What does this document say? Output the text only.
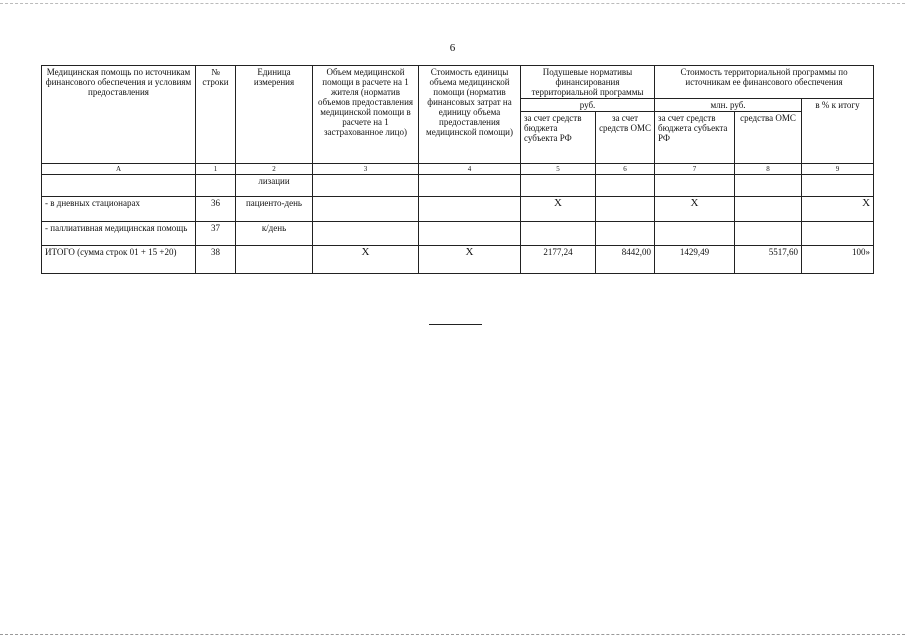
6
Медицинская помощь по источникам финансового обеспечения и условиям предоставления	№ строки	Единица измерения	Объем медицинской помощи в расчете на 1 жителя (норматив объемов предоставления медицинской помощи в расчете на 1 застрахованное лицо)	Стоимость единицы объема медицинской помощи (норматив финансовых затрат на единицу объема предоставления медицинской помощи)	Подушевые нормативы финансирования территориальной программы		Стоимость территориальной программы по источникам ее финансового обеспечения		
					руб.		млн. руб.		в % к итогу
					за счет средств бюджета субъекта РФ	за счет средств ОМС	за счет средств бюджета субъекта РФ	средства ОМС	
А	1	2	3	4	5	6	7	8	9
		лизации							
- в дневных стационарах	36	пациенто-день			Х		Х		Х
- паллиативная медицинская помощь	37	к/день							
ИТОГО (сумма строк 01 + 15 +20)	38		Х	Х	2177,24	8442,00	1429,49	5517,60	100»
